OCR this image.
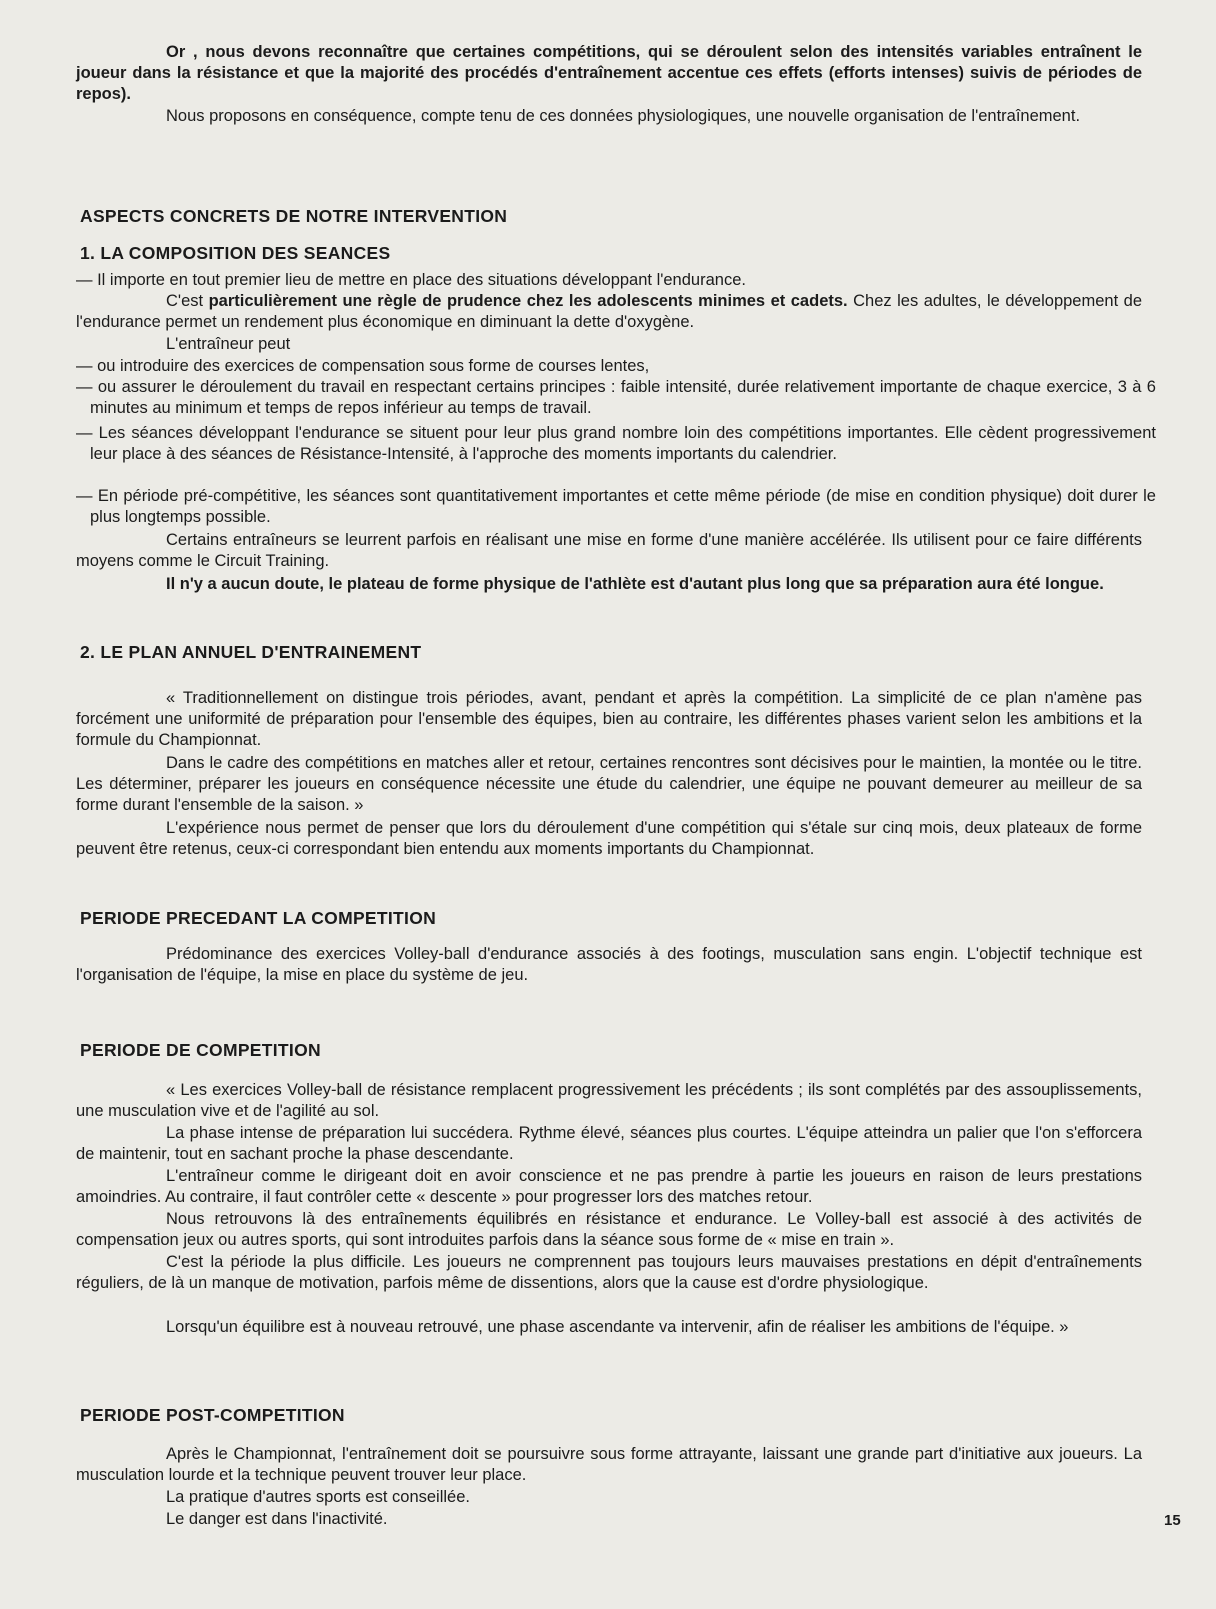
Or , nous devons reconnaître que certaines compétitions, qui se déroulent selon des intensités variables entraînent le joueur dans la résistance et que la majorité des procédés d'entraînement accentue ces effets (efforts intenses) suivis de périodes de repos).
Nous proposons en conséquence, compte tenu de ces données physiologiques, une nouvelle organisation de l'entraînement.
ASPECTS CONCRETS DE NOTRE INTERVENTION
1. LA COMPOSITION DES SEANCES
— Il importe en tout premier lieu de mettre en place des situations développant l'endurance.
C'est particulièrement une règle de prudence chez les adolescents minimes et cadets. Chez les adultes, le développement de l'endurance permet un rendement plus économique en diminuant la dette d'oxygène.
L'entraîneur peut
— ou introduire des exercices de compensation sous forme de courses lentes,
— ou assurer le déroulement du travail en respectant certains principes : faible intensité, durée relativement importante de chaque exercice, 3 à 6 minutes au minimum et temps de repos inférieur au temps de travail.
— Les séances développant l'endurance se situent pour leur plus grand nombre loin des compétitions importantes. Elle cèdent progressivement leur place à des séances de Résistance-Intensité, à l'approche des moments importants du calendrier.
— En période pré-compétitive, les séances sont quantitativement importantes et cette même période (de mise en condition physique) doit durer le plus longtemps possible.
Certains entraîneurs se leurrent parfois en réalisant une mise en forme d'une manière accélérée. Ils utilisent pour ce faire différents moyens comme le Circuit Training.
Il n'y a aucun doute, le plateau de forme physique de l'athlète est d'autant plus long que sa préparation aura été longue.
2. LE PLAN ANNUEL D'ENTRAINEMENT
« Traditionnellement on distingue trois périodes, avant, pendant et après la compétition. La simplicité de ce plan n'amène pas forcément une uniformité de préparation pour l'ensemble des équipes, bien au contraire, les différentes phases varient selon les ambitions et la formule du Championnat.
Dans le cadre des compétitions en matches aller et retour, certaines rencontres sont décisives pour le maintien, la montée ou le titre. Les déterminer, préparer les joueurs en conséquence nécessite une étude du calendrier, une équipe ne pouvant demeurer au meilleur de sa forme durant l'ensemble de la saison. »
L'expérience nous permet de penser que lors du déroulement d'une compétition qui s'étale sur cinq mois, deux plateaux de forme peuvent être retenus, ceux-ci correspondant bien entendu aux moments importants du Championnat.
PERIODE PRECEDANT LA COMPETITION
Prédominance des exercices Volley-ball d'endurance associés à des footings, musculation sans engin. L'objectif technique est l'organisation de l'équipe, la mise en place du système de jeu.
PERIODE DE COMPETITION
« Les exercices Volley-ball de résistance remplacent progressivement les précédents ; ils sont complétés par des assouplissements, une musculation vive et de l'agilité au sol.
La phase intense de préparation lui succédera. Rythme élevé, séances plus courtes. L'équipe atteindra un palier que l'on s'efforcera de maintenir, tout en sachant proche la phase descendante.
L'entraîneur comme le dirigeant doit en avoir conscience et ne pas prendre à partie les joueurs en raison de leurs prestations amoindries. Au contraire, il faut contrôler cette « descente » pour progresser lors des matches retour.
Nous retrouvons là des entraînements équilibrés en résistance et endurance. Le Volley-ball est associé à des activités de compensation jeux ou autres sports, qui sont introduites parfois dans la séance sous forme de « mise en train ».
C'est la période la plus difficile. Les joueurs ne comprennent pas toujours leurs mauvaises prestations en dépit d'entraînements réguliers, de là un manque de motivation, parfois même de dissentions, alors que la cause est d'ordre physiologique.
Lorsqu'un équilibre est à nouveau retrouvé, une phase ascendante va intervenir, afin de réaliser les ambitions de l'équipe. »
PERIODE POST-COMPETITION
Après le Championnat, l'entraînement doit se poursuivre sous forme attrayante, laissant une grande part d'initiative aux joueurs. La musculation lourde et la technique peuvent trouver leur place.
La pratique d'autres sports est conseillée.
Le danger est dans l'inactivité.	15
